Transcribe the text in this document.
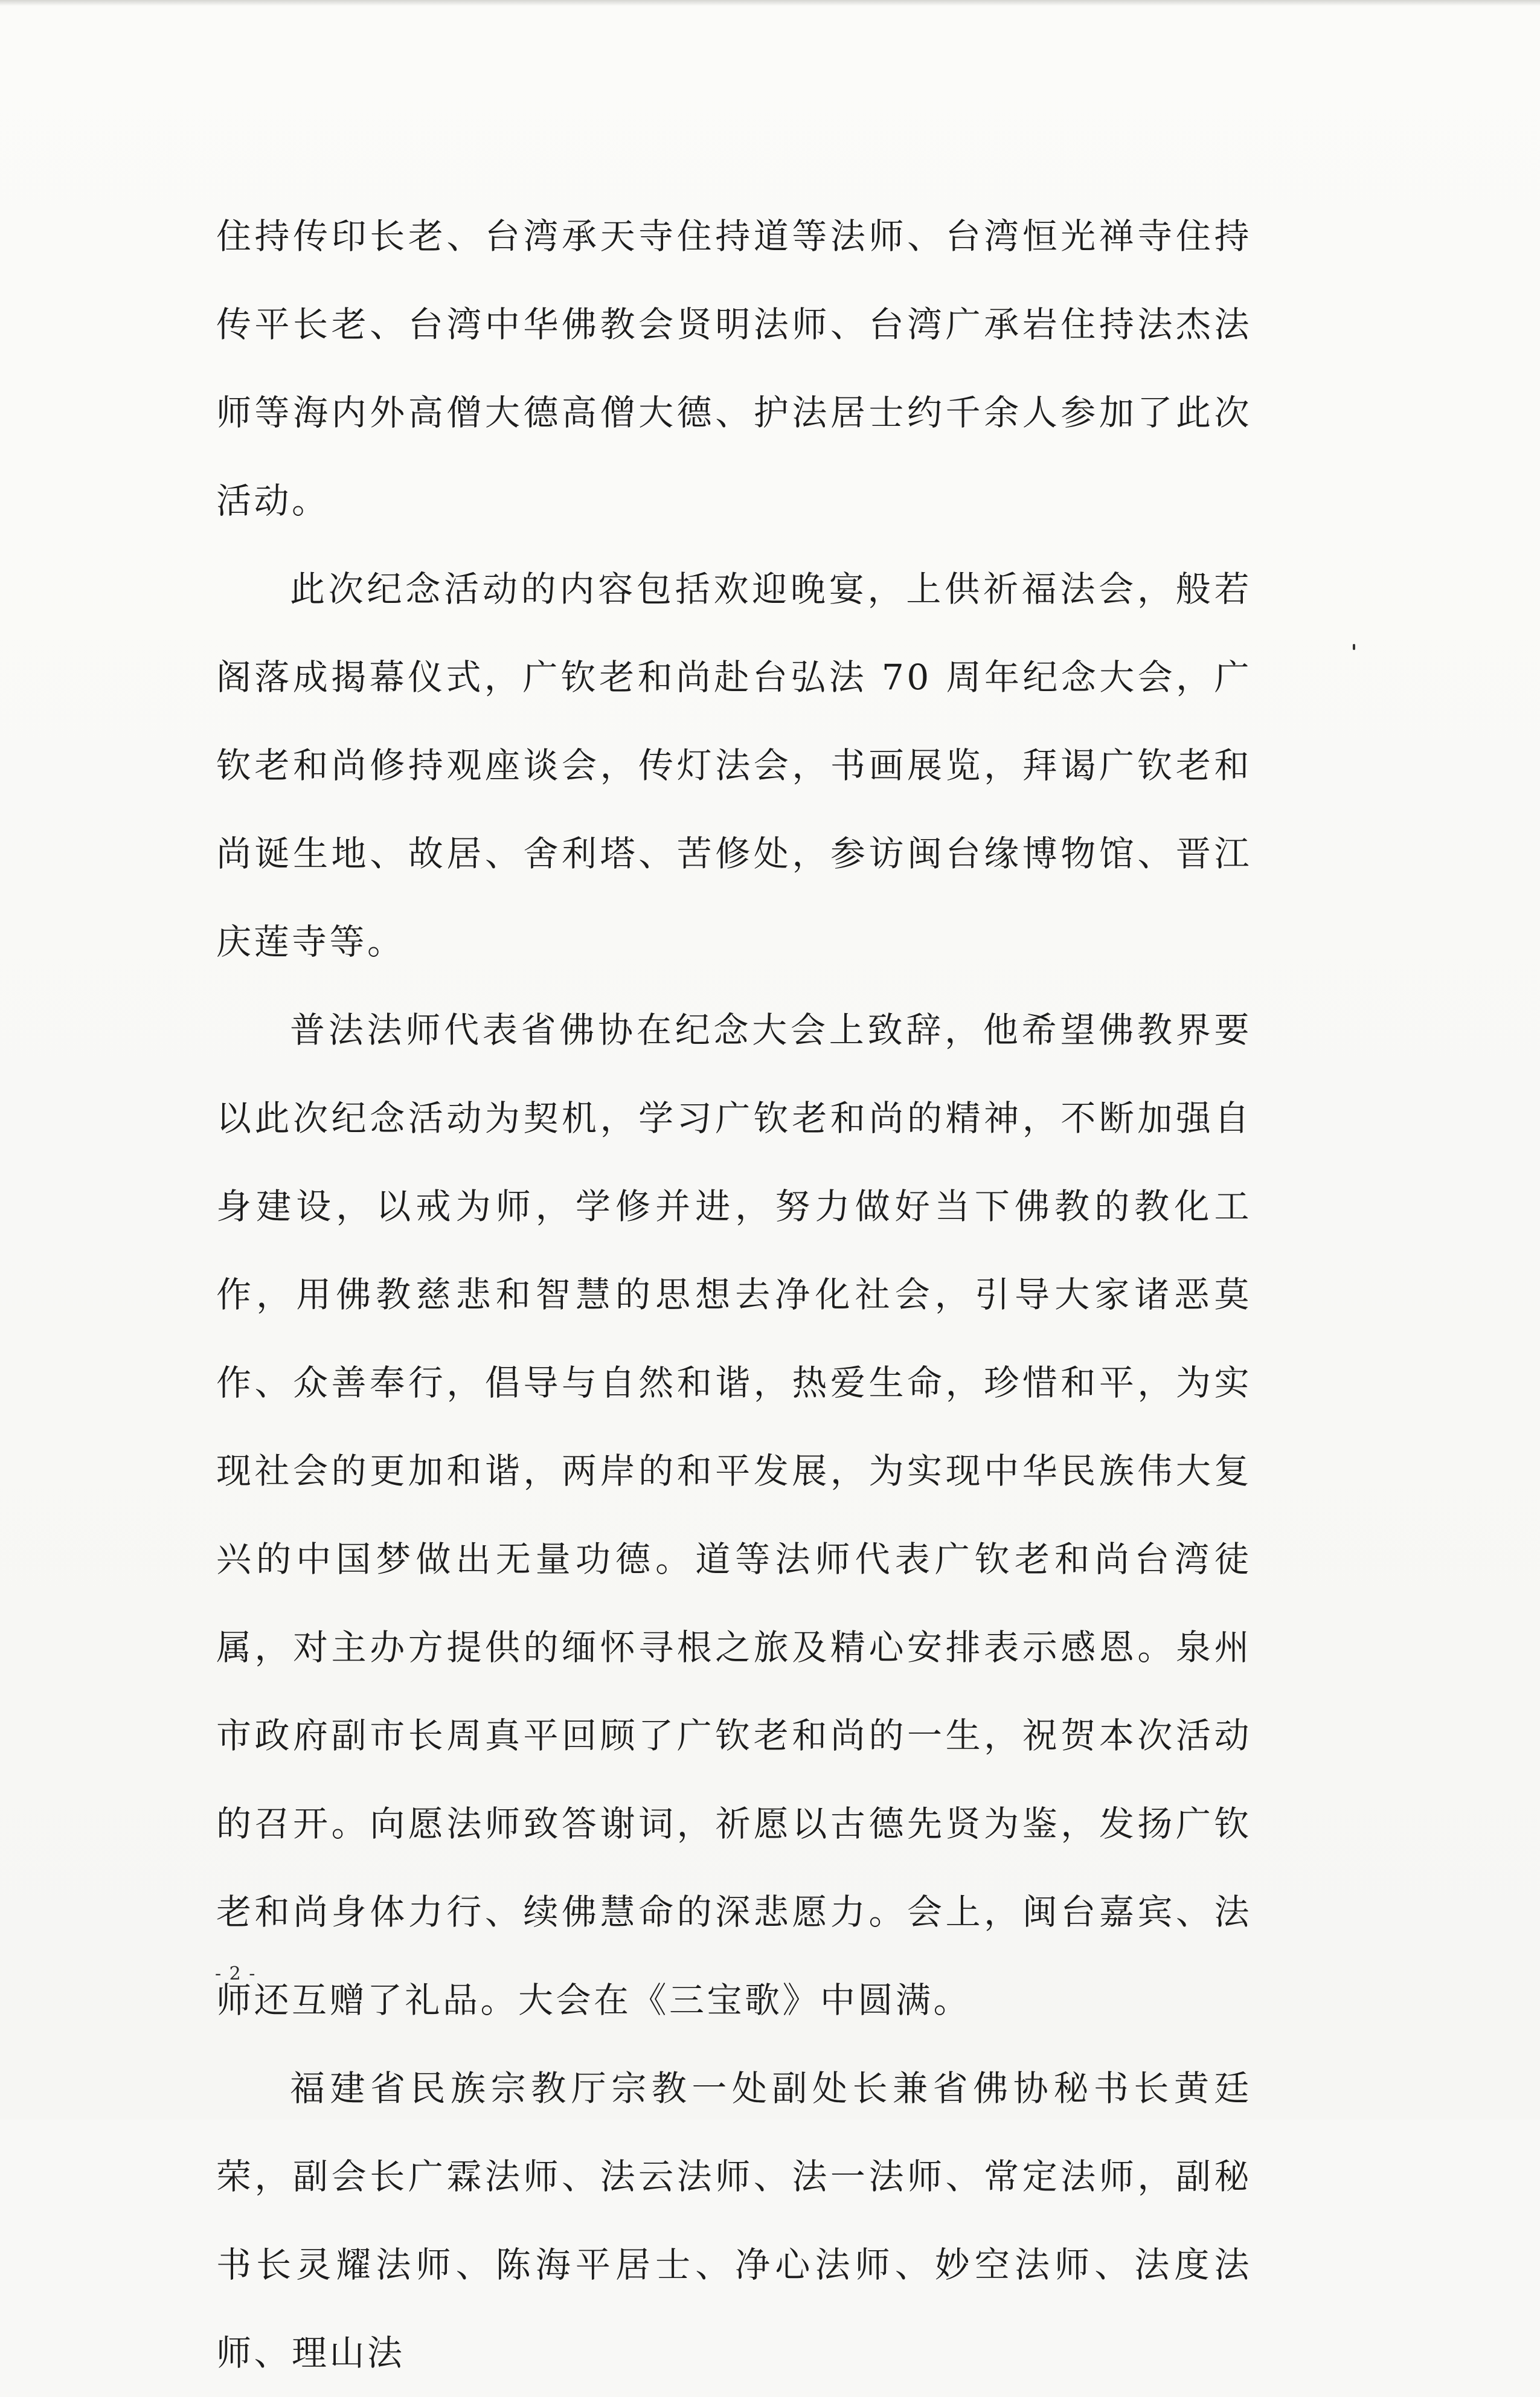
住持传印长老、台湾承天寺住持道等法师、台湾恒光禅寺住持传平长老、台湾中华佛教会贤明法师、台湾广承岩住持法杰法师等海内外高僧大德高僧大德、护法居士约千余人参加了此次活动。

此次纪念活动的内容包括欢迎晚宴，上供祈福法会，般若阁落成揭幕仪式，广钦老和尚赴台弘法 70 周年纪念大会，广钦老和尚修持观座谈会，传灯法会，书画展览，拜谒广钦老和尚诞生地、故居、舍利塔、苦修处，参访闽台缘博物馆、晋江庆莲寺等。

普法法师代表省佛协在纪念大会上致辞，他希望佛教界要以此次纪念活动为契机，学习广钦老和尚的精神，不断加强自身建设，以戒为师，学修并进，努力做好当下佛教的教化工作，用佛教慈悲和智慧的思想去净化社会，引导大家诸恶莫作、众善奉行，倡导与自然和谐，热爱生命，珍惜和平，为实现社会的更加和谐，两岸的和平发展，为实现中华民族伟大复兴的中国梦做出无量功德。道等法师代表广钦老和尚台湾徒属，对主办方提供的缅怀寻根之旅及精心安排表示感恩。泉州市政府副市长周真平回顾了广钦老和尚的一生，祝贺本次活动的召开。向愿法师致答谢词，祈愿以古德先贤为鉴，发扬广钦老和尚身体力行、续佛慧命的深悲愿力。会上，闽台嘉宾、法师还互赠了礼品。大会在《三宝歌》中圆满。

福建省民族宗教厅宗教一处副处长兼省佛协秘书长黄廷荣，副会长广霖法师、法云法师、法一法师、常定法师，副秘书长灵耀法师、陈海平居士、净心法师、妙空法师、法度法师、理山法

- 2 -
